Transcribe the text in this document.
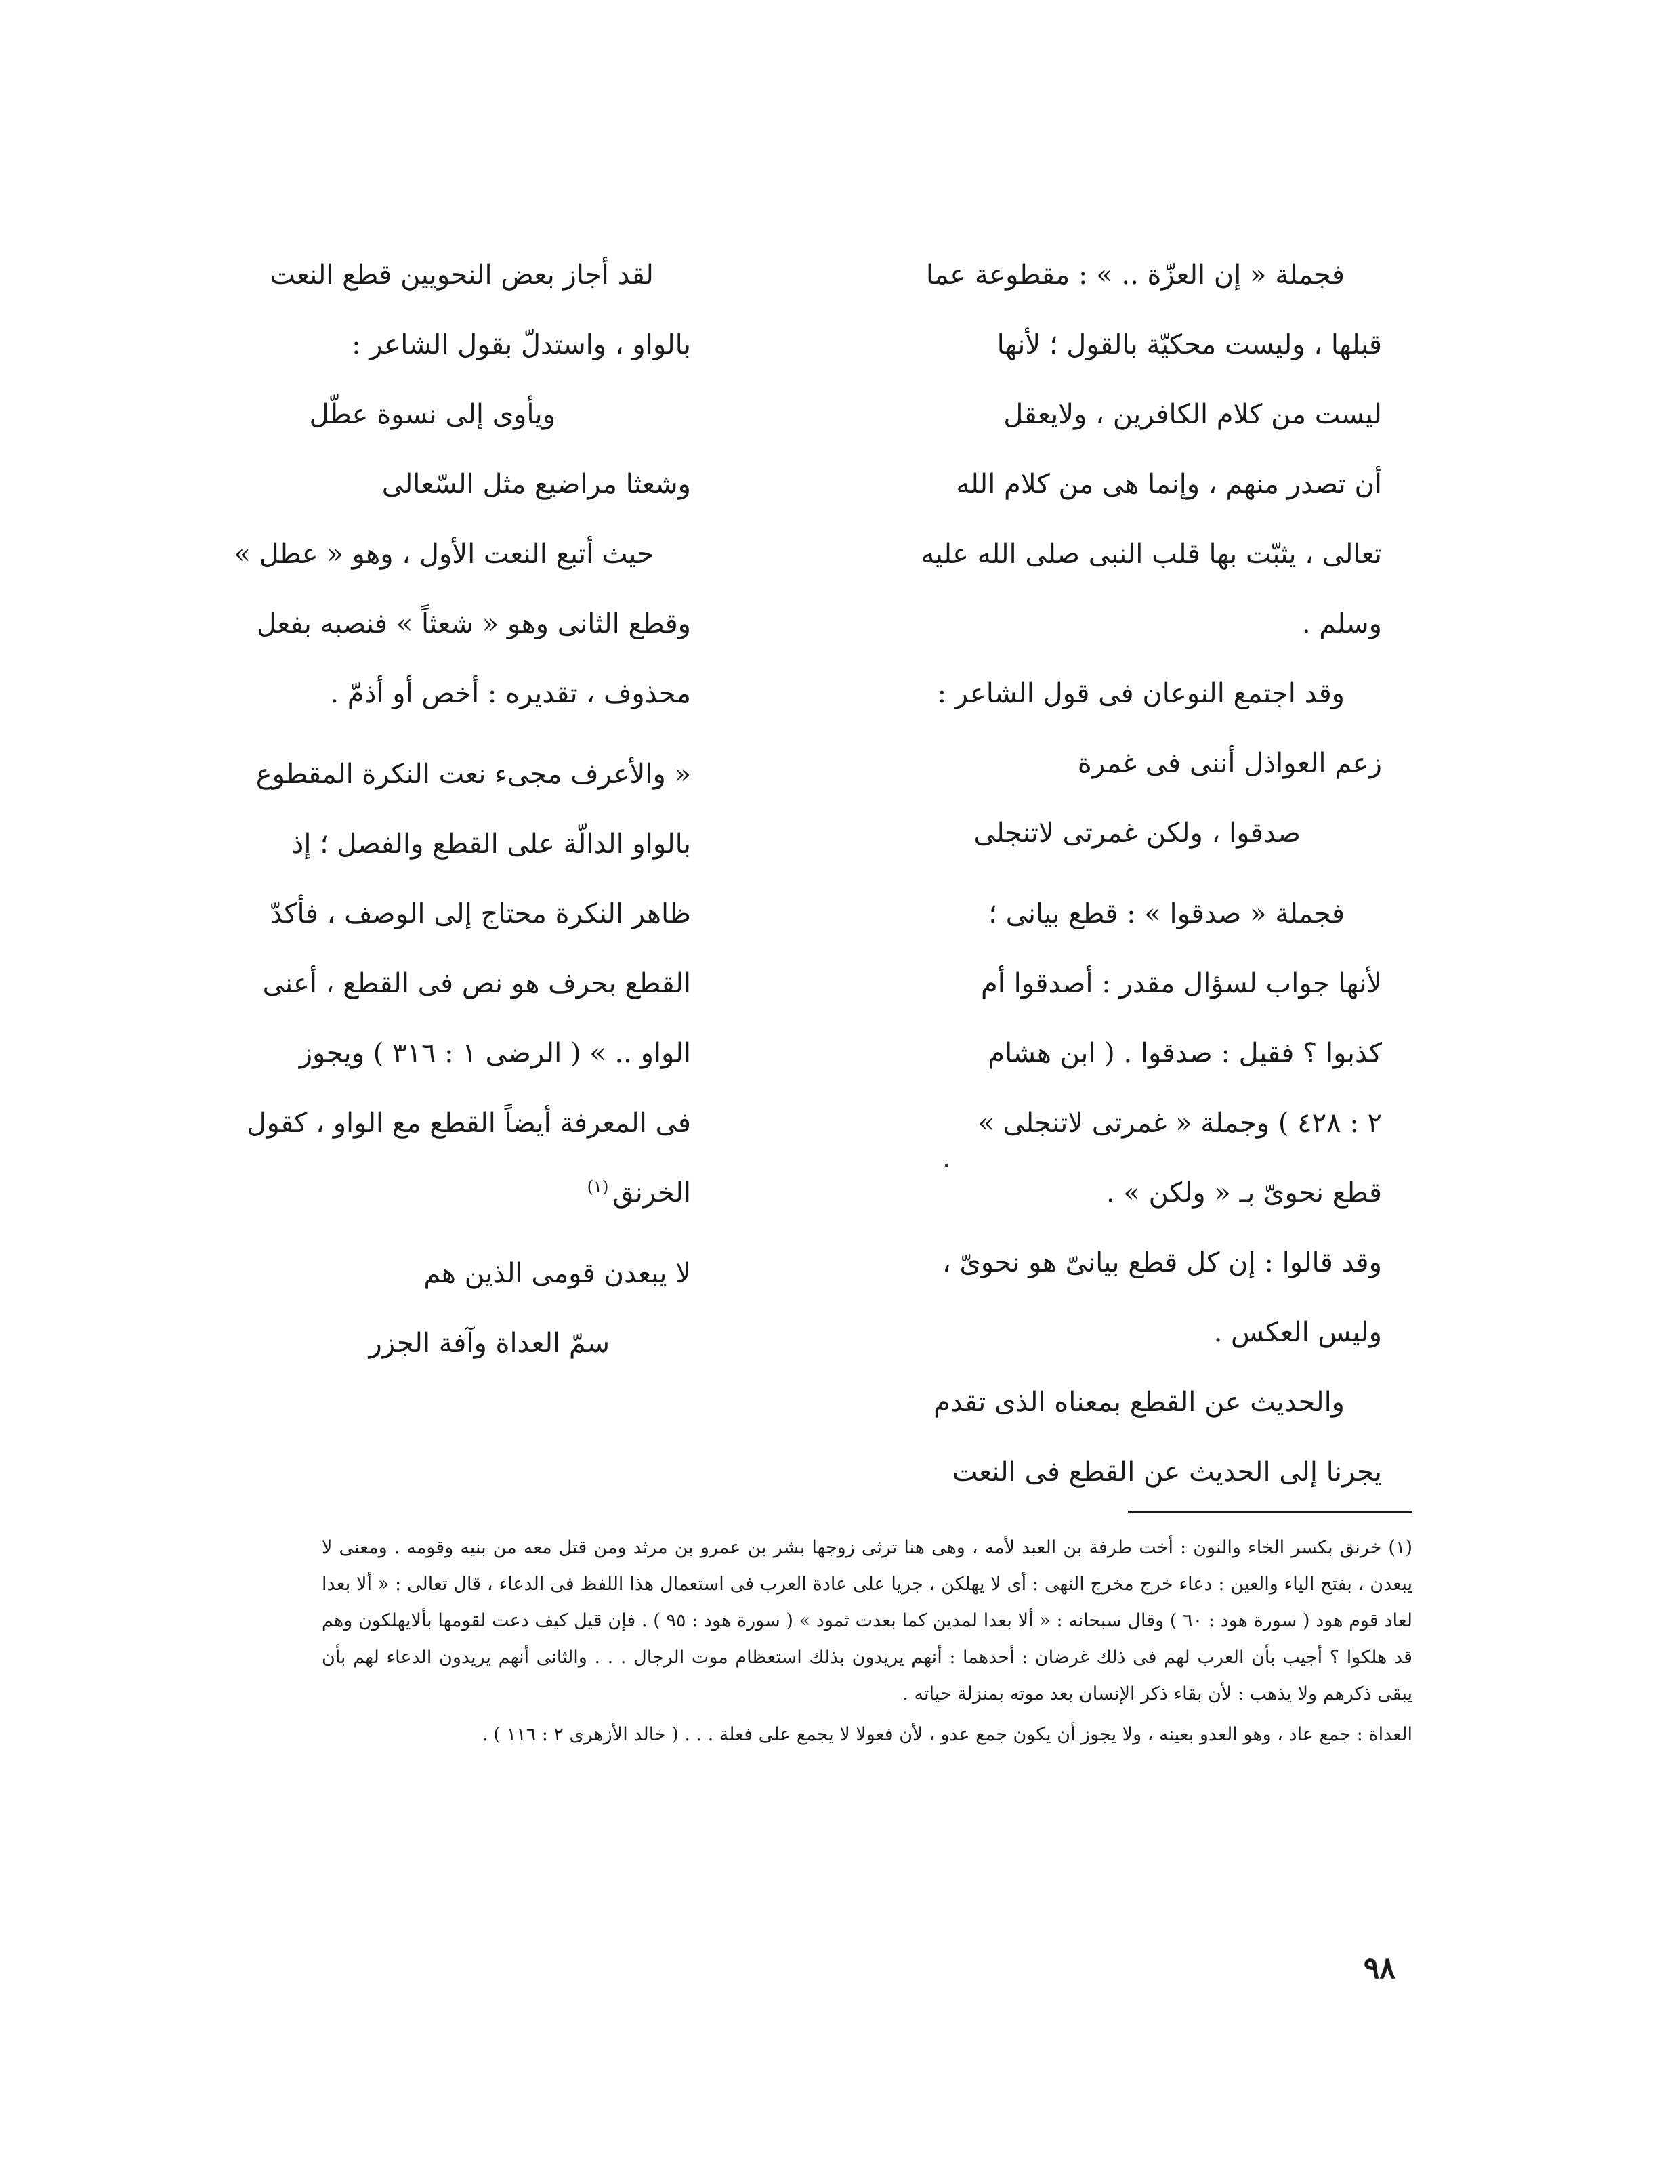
فجملة « إن العزّة .. » : مقطوعة عما

قبلها ، وليست محكيّة بالقول ؛ لأنها

ليست من كلام الكافرين ، ولايعقل

أن تصدر منهم ، وإنما هى من كلام الله

تعالى ، يثبّت بها قلب النبى صلى الله عليه

وسلم .

وقد اجتمع النوعان فى قول الشاعر :

زعم العواذل أننى فى غمرة

صدقوا ، ولكن غمرتى لاتنجلى

فجملة « صدقوا » : قطع بيانى ؛

لأنها جواب لسؤال مقدر : أصدقوا أم

كذبوا ؟ فقيل : صدقوا . ( ابن هشام

٢ : ٤٢٨ ) وجملة « غمرتى لاتنجلى »

قطع نحوىّ بـ « ولكن » .

وقد قالوا : إن كل قطع بيانىّ هو نحوىّ ،

وليس العكس .

والحديث عن القطع بمعناه الذى تقدم

يجرنا إلى الحديث عن القطع فى النعت

لقد أجاز بعض النحويين قطع النعت

بالواو ، واستدلّ بقول الشاعر :

ويأوى إلى نسوة عطّل

وشعثا مراضيع مثل السّعالى

حيث أتبع النعت الأول ، وهو « عطل »

وقطع الثانى وهو « شعثاً » فنصبه بفعل

محذوف ، تقديره : أخص أو أذمّ .

« والأعرف مجىء نعت النكرة المقطوع

بالواو الدالّة على القطع والفصل ؛ إذ

ظاهر النكرة محتاج إلى الوصف ، فأكدّ

القطع بحرف هو نص فى القطع ، أعنى

الواو .. » ( الرضى ١ : ٣١٦ ) ويجوز

فى المعرفة أيضاً القطع مع الواو ، كقول

الخرنق$^{(١)}$

لا يبعدن قومى الذين هم

سمّ العداة وآفة الجزر

(١) خرنق بكسر الخاء والنون : أخت طرفة بن العبد لأمه ، وهى هنا ترثى زوجها بشر بن عمرو بن مرثد ومن قتل معه من بنيه وقومه . ومعنى لا يبعدن ، بفتح الياء والعين : دعاء خرج مخرج النهى : أى لا يهلكن ، جريا على عادة العرب فى استعمال هذا اللفظ فى الدعاء ، قال تعالى : « ألا بعدا لعاد قوم هود ( سورة هود : ٦٠ ) وقال سبحانه : « ألا بعدا لمدين كما بعدت ثمود » ( سورة هود : ٩٥ ) . فإن قيل كيف دعت لقومها بألايهلكون وهم قد هلكوا ؟ أجيب بأن العرب لهم فى ذلك غرضان : أحدهما : أنهم يريدون بذلك استعظام موت الرجال . . . والثانى أنهم يريدون الدعاء لهم بأن يبقى ذكرهم ولا يذهب : لأن بقاء ذكر الإنسان بعد موته بمنزلة حياته .

العداة : جمع عاد ، وهو العدو بعينه ، ولا يجوز أن يكون جمع عدو ، لأن فعولا لا يجمع على فعلة . . . ( خالد الأزهرى ٢ : ١١٦ ) .

٩٨
